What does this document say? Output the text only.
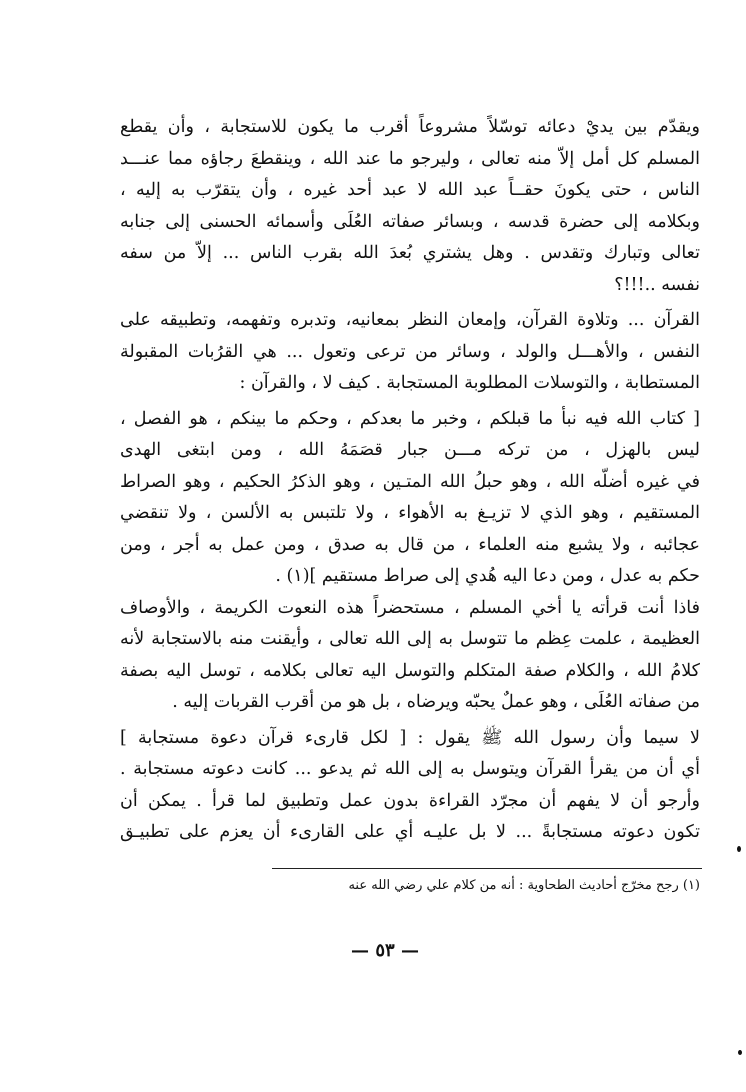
ويقدّم بين يديْ دعائه توسّلاً مشروعاً أقرب ما يكون للاستجابة ، وأن يقطع
المسلم كل أمل إلاّ منه تعالى ، وليرجو ما عند الله ، وينقطعَ رجاؤه مما عنـــد
الناس ، حتى يكونَ حقــاً عبد الله لا عبد أحد غيره ، وأن يتقرّب به إليه ،
وبكلامه إلى حضرة قدسه ، وبسائر صفاته العُلَى وأسمائه الحسنى إلى جنابه
تعالى وتبارك وتقدس . وهل يشتري بُعدَ الله بقرب الناس ... إلاّ من سفه
نفسه ..!!!؟
القرآن ... وتلاوة القرآن، وإمعان النظر بمعانيه، وتدبره وتفهمه، وتطبيقه على
النفس ، والأهـــل والولد ، وسائر من ترعى وتعول ... هي القرُبات المقبولة
المستطابة ، والتوسلات المطلوبة المستجابة . كيف لا ، والقرآن :
[ كتاب الله فيه نبأ ما قبلكم ، وخبر ما بعدكم ، وحكم ما بينكم ، هو الفصل ،
ليس بالهزل ، من تركه مـــن جبار قصَمَهُ الله ، ومن ابتغى الهدى
في غيره أضلّه الله ، وهو حبلُ الله المتـين ، وهو الذكرُ الحكيم ، وهو الصراط
المستقيم ، وهو الذي لا تزيـغ به الأهواء ، ولا تلتبس به الألسن ، ولا تنقضي
عجائبه ، ولا يشبع منه العلماء ، من قال به صدق ، ومن عمل به أجر ، ومن
حكم به عدل ، ومن دعا اليه هُدي إلى صراط مستقيم ](١) .
فاذا أنت قرأته يا أخي المسلم ، مستحضراً هذه النعوت الكريمة ، والأوصاف
العظيمة ، علمت عِظم ما تتوسل به إلى الله تعالى ، وأيقنت منه بالاستجابة لأنه
كلامُ الله ، والكلام صفة المتكلم والتوسل اليه تعالى بكلامه ، توسل اليه بصفة
من صفاته العُلَى ، وهو عملٌ يحبّه ويرضاه ، بل هو من أقرب القربات إليه .
لا سيما وأن رسول الله ﷺ يقول : [ لكل قارىء قرآن دعوة مستجابة ]
أي أن من يقرأ القرآن ويتوسل به إلى الله ثم يدعو ... كانت دعوته مستجابة .
وأرجو أن لا يفهم أن مجرّد القراءة بدون عمل وتطبيق لما قرأ . يمكن أن
تكون دعوته مستجابةً ... لا بل عليـه أي على القارىء أن يعزم على تطبيـق
(١) رجح مخرّج أحاديث الطحاوية : أنه من كلام علي رضي الله عنه
— ٥٣ —
